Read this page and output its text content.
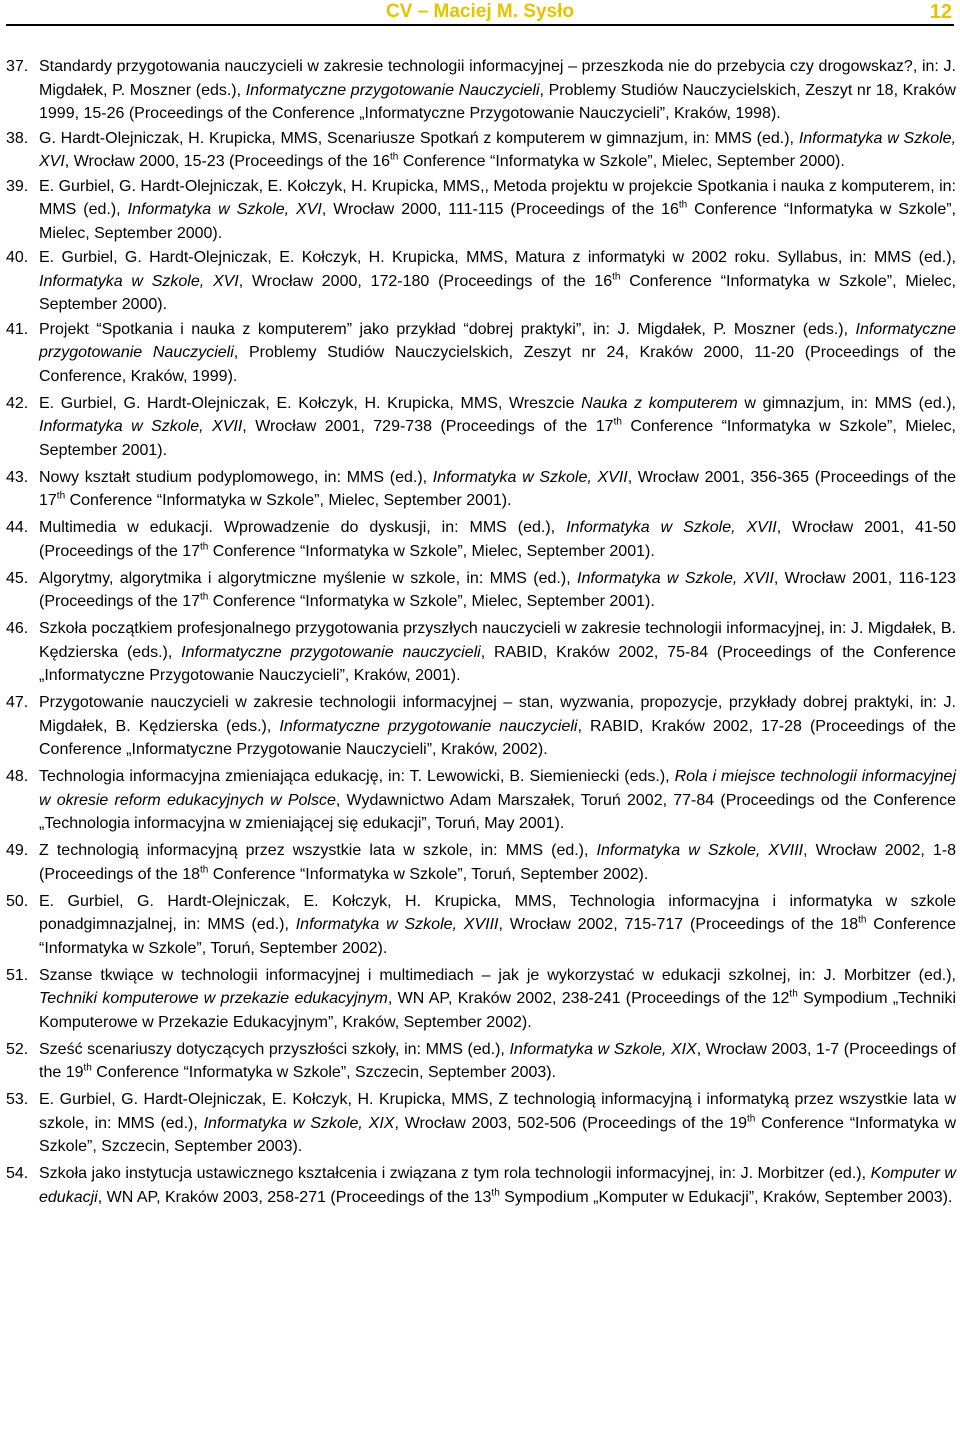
CV – Maciej M. Sysło	12
37. Standardy przygotowania nauczycieli w zakresie technologii informacyjnej – przeszkoda nie do przebycia czy drogowskaz?, in: J. Migdałek, P. Moszner (eds.), Informatyczne przygotowanie Nauczycieli, Problemy Studiów Nauczycielskich, Zeszyt nr 18, Kraków 1999, 15-26 (Proceedings of the Conference „Informatyczne Przygotowanie Nauczycieli”, Kraków, 1998).
38. G. Hardt-Olejniczak, H. Krupicka, MMS, Scenariusze Spotkań z komputerem w gimnazjum, in: MMS (ed.), Informatyka w Szkole, XVI, Wrocław 2000, 15-23 (Proceedings of the 16th Conference “Informatyka w Szkole”, Mielec, September 2000).
39. E. Gurbiel, G. Hardt-Olejniczak, E. Kołczyk, H. Krupicka, MMS,, Metoda projektu w projekcie Spotkania i nauka z komputerem, in: MMS (ed.), Informatyka w Szkole, XVI, Wrocław 2000, 111-115 (Proceedings of the 16th Conference “Informatyka w Szkole”, Mielec, September 2000).
40. E. Gurbiel, G. Hardt-Olejniczak, E. Kołczyk, H. Krupicka, MMS, Matura z informatyki w 2002 roku. Syllabus, in: MMS (ed.), Informatyka w Szkole, XVI, Wrocław 2000, 172-180 (Proceedings of the 16th Conference “Informatyka w Szkole”, Mielec, September 2000).
41. Projekt “Spotkania i nauka z komputerem” jako przykład “dobrej praktyki”, in: J. Migdałek, P. Moszner (eds.), Informatyczne przygotowanie Nauczycieli, Problemy Studiów Nauczycielskich, Zeszyt nr 24, Kraków 2000, 11-20 (Proceedings of the Conference, Kraków, 1999).
42. E. Gurbiel, G. Hardt-Olejniczak, E. Kołczyk, H. Krupicka, MMS, Wreszcie Nauka z komputerem w gimnazjum, in: MMS (ed.), Informatyka w Szkole, XVII, Wrocław 2001, 729-738 (Proceedings of the 17th Conference “Informatyka w Szkole”, Mielec, September 2001).
43. Nowy kształt studium podyplomowego, in: MMS (ed.), Informatyka w Szkole, XVII, Wrocław 2001, 356-365 (Proceedings of the 17th Conference “Informatyka w Szkole”, Mielec, September 2001).
44. Multimedia w edukacji. Wprowadzenie do dyskusji, in: MMS (ed.), Informatyka w Szkole, XVII, Wrocław 2001, 41-50 (Proceedings of the 17th Conference “Informatyka w Szkole”, Mielec, September 2001).
45. Algorytmy, algorytmika i algorytmiczne myślenie w szkole, in: MMS (ed.), Informatyka w Szkole, XVII, Wrocław 2001, 116-123 (Proceedings of the 17th Conference “Informatyka w Szkole”, Mielec, September 2001).
46. Szkoła początkiem profesjonalnego przygotowania przyszłych nauczycieli w zakresie technologii informacyjnej, in: J. Migdałek, B. Kędzierska (eds.), Informatyczne przygotowanie nauczycieli, RABID, Kraków 2002, 75-84 (Proceedings of the Conference „Informatyczne Przygotowanie Nauczycieli”, Kraków, 2001).
47. Przygotowanie nauczycieli w zakresie technologii informacyjnej – stan, wyzwania, propozycje, przykłady dobrej praktyki, in: J. Migdałek, B. Kędzierska (eds.), Informatyczne przygotowanie nauczycieli, RABID, Kraków 2002, 17-28 (Proceedings of the Conference „Informatyczne Przygotowanie Nauczycieli”, Kraków, 2002).
48. Technologia informacyjna zmieniająca edukację, in: T. Lewowicki, B. Siemieniecki (eds.), Rola i miejsce technologii informacyjnej w okresie reform edukacyjnych w Polsce, Wydawnictwo Adam Marszałek, Toruń 2002, 77-84 (Proceedings od the Conference „Technologia informacyjna w zmieniającej się edukacji”, Toruń, May 2001).
49. Z technologią informacyjną przez wszystkie lata w szkole, in: MMS (ed.), Informatyka w Szkole, XVIII, Wrocław 2002, 1-8 (Proceedings of the 18th Conference “Informatyka w Szkole”, Toruń, September 2002).
50. E. Gurbiel, G. Hardt-Olejniczak, E. Kołczyk, H. Krupicka, MMS, Technologia informacyjna i informatyka w szkole ponadgimnazjalnej, in: MMS (ed.), Informatyka w Szkole, XVIII, Wrocław 2002, 715-717 (Proceedings of the 18th Conference “Informatyka w Szkole”, Toruń, September 2002).
51. Szanse tkwiące w technologii informacyjnej i multimediach – jak je wykorzystać w edukacji szkolnej, in: J. Morbitzer (ed.), Techniki komputerowe w przekazie edukacyjnym, WN AP, Kraków 2002, 238-241 (Proceedings of the 12th Sympodium „Techniki Komputerowe w Przekazie Edukacyjnym”, Kraków, September 2002).
52. Sześć scenariuszy dotyczących przyszłości szkoły, in: MMS (ed.), Informatyka w Szkole, XIX, Wrocław 2003, 1-7 (Proceedings of the 19th Conference “Informatyka w Szkole”, Szczecin, September 2003).
53. E. Gurbiel, G. Hardt-Olejniczak, E. Kołczyk, H. Krupicka, MMS, Z technologią informacyjną i informatyką przez wszystkie lata w szkole, in: MMS (ed.), Informatyka w Szkole, XIX, Wrocław 2003, 502-506 (Proceedings of the 19th Conference “Informatyka w Szkole”, Szczecin, September 2003).
54. Szkoła jako instytucja ustawicznego kształcenia i związana z tym rola technologii informacyjnej, in: J. Morbitzer (ed.), Komputer w edukacji, WN AP, Kraków 2003, 258-271 (Proceedings of the 13th Sympodium „Komputer w Edukacji”, Kraków, September 2003).
